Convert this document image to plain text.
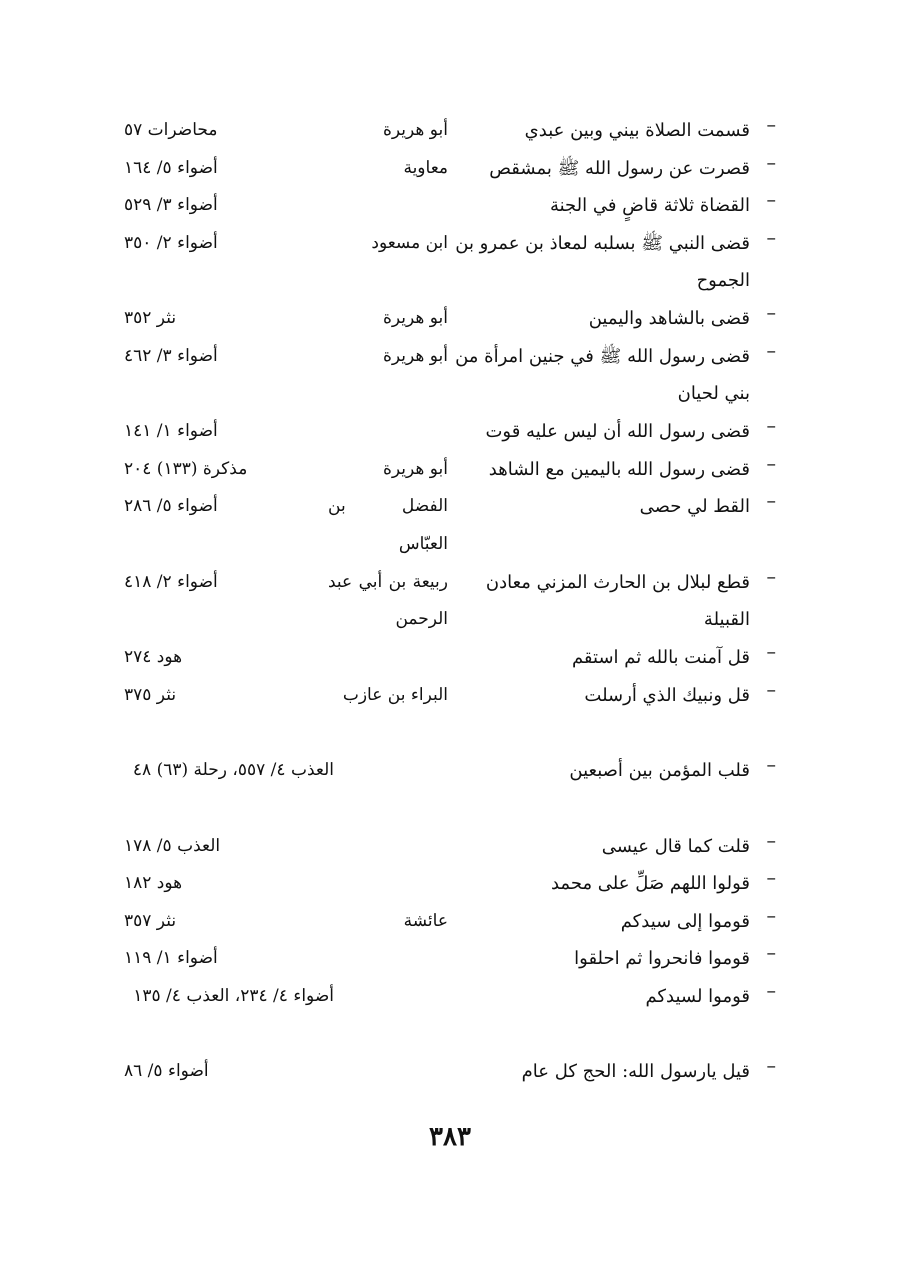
–
قسمت الصلاة بيني وبين عبدي
أبو هريرة
محاضرات ٥٧
–
قصرت عن رسول الله ﷺ بمشقص
معاوية
أضواء ٥/ ١٦٤
–
القضاة ثلاثة قاضٍ في الجنة
أضواء ٣/ ٥٢٩
–
قضى النبي ﷺ بسلبه لمعاذ بن عمرو بن الجموح
ابن مسعود
أضواء ٢/ ٣٥٠
–
قضى بالشاهد واليمين
أبو هريرة
نثر ٣٥٢
–
قضى رسول الله ﷺ في جنين امرأة من بني لحيان
أبو هريرة
أضواء ٣/ ٤٦٢
–
قضى رسول الله أن ليس عليه قوت
أضواء ١/ ١٤١
–
قضى رسول الله باليمين مع الشاهد
أبو هريرة
مذكرة (١٣٣) ٢٠٤
–
القط لي حصى
الفضل بن العبّاس
أضواء ٥/ ٢٨٦
–
قطع لبلال بن الحارث المزني معادن القبيلة
ربيعة بن أبي عبد الرحمن
أضواء ٢/ ٤١٨
–
قل آمنت بالله ثم استقم
هود ٢٧٤
–
قل ونبيك الذي أرسلت
البراء بن عازب
نثر ٣٧٥
–
قلب المؤمن بين أصبعين
العذب ٤/ ٥٥٧، رحلة (٦٣) ٤٨
–
قلت كما قال عيسى
العذب ٥/ ١٧٨
–
قولوا اللهم صَلِّ على محمد
هود ١٨٢
–
قوموا إلى سيدكم
عائشة
نثر ٣٥٧
–
قوموا فانحروا ثم احلقوا
أضواء ١/ ١١٩
–
قوموا لسيدكم
أضواء ٤/ ٢٣٤، العذب ٤/ ١٣٥
–
قيل يارسول الله: الحج كل عام
أضواء ٥/ ٨٦
٣٨٣
